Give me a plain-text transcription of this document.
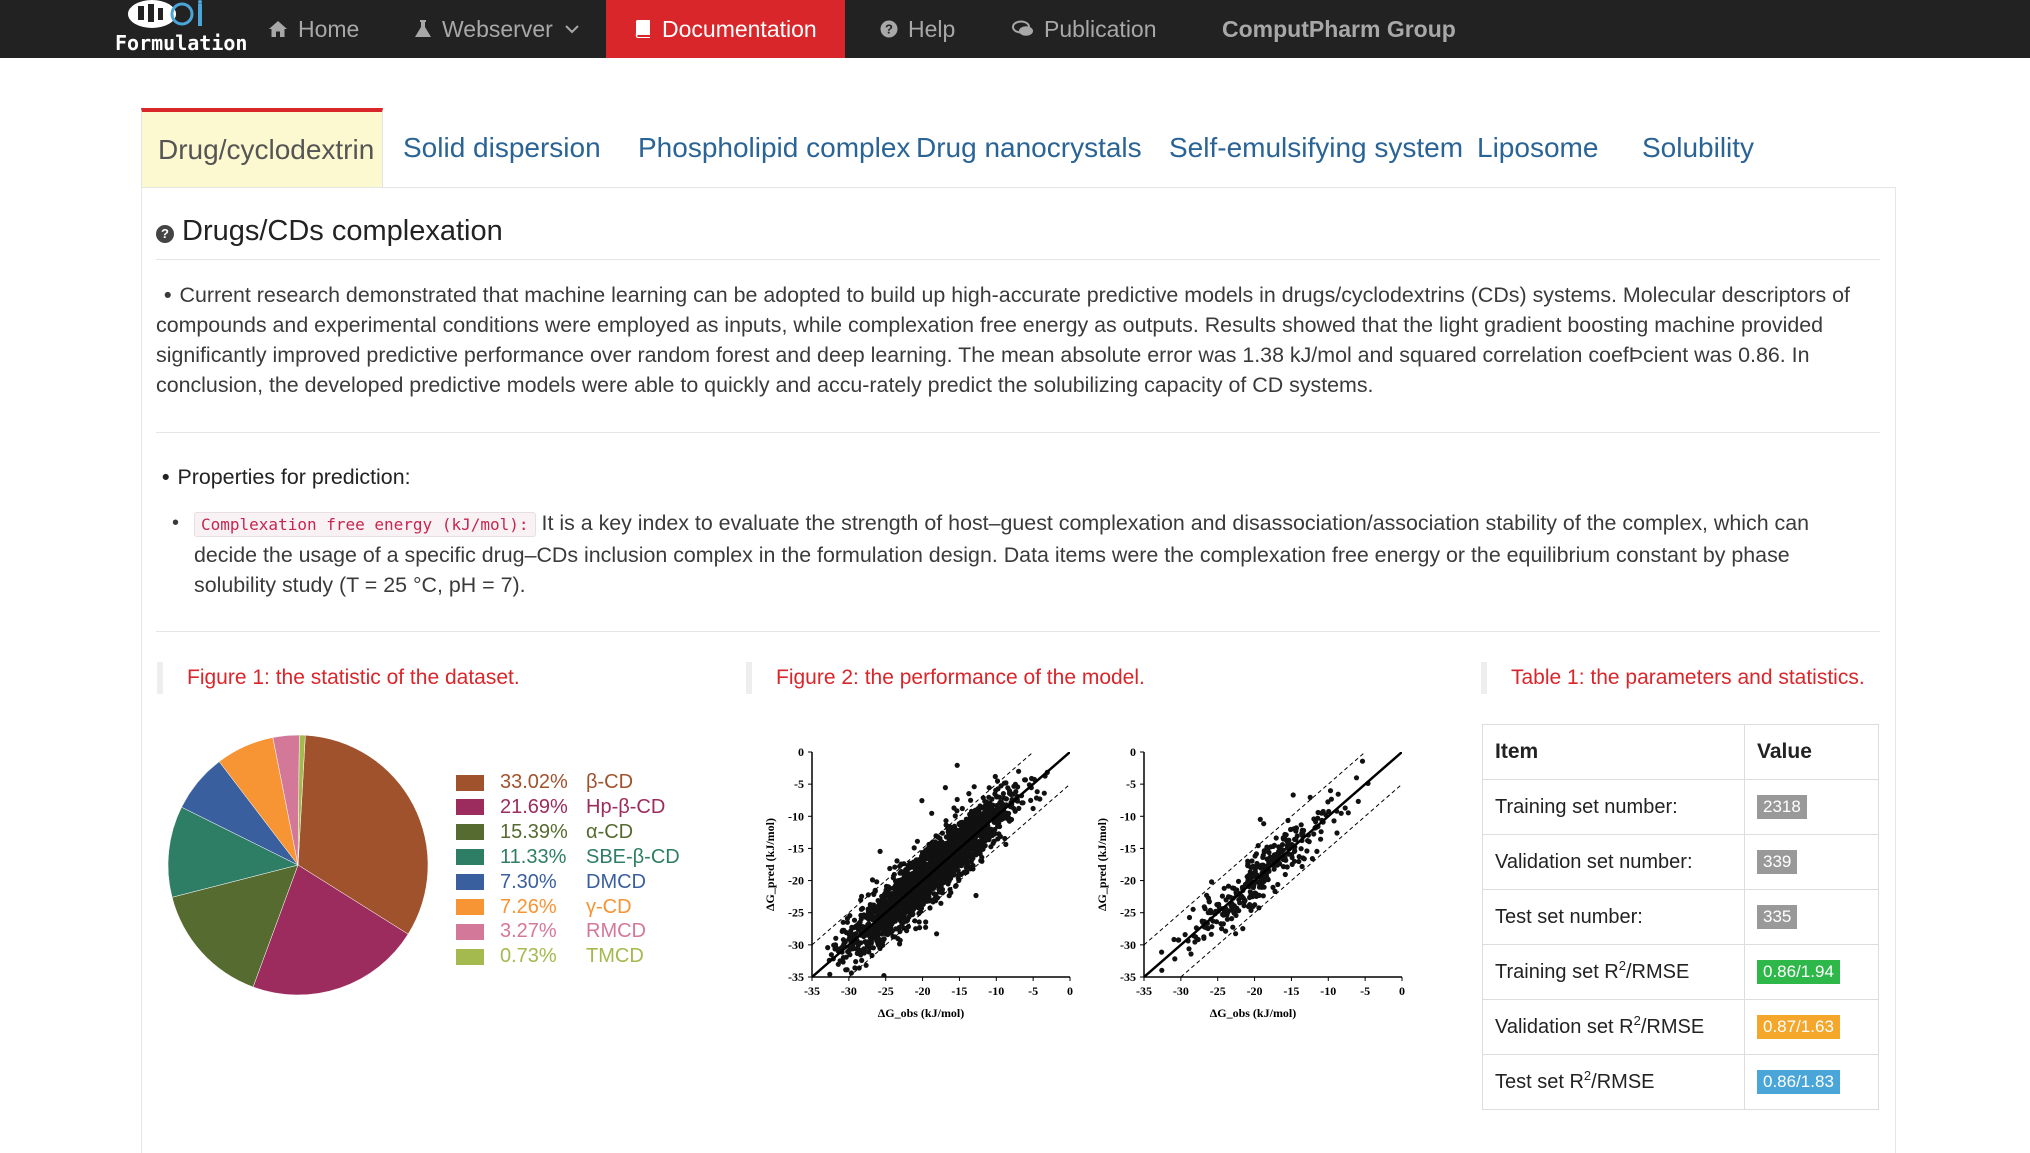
Formulation
Home	Webserver	Documentation	? Help	Publication	ComputPharm Group
Drug/cyclodextrin Solid dispersion Phospholipid complex Drug nanocrystals Self-emulsifying system Liposome Solubility
? Drugs/CDs complexation
• Current research demonstrated that machine learning can be adopted to build up high-accurate predictive models in drugs/cyclodextrins (CDs) systems. Molecular descriptors of
compounds and experimental conditions were employed as inputs, while complexation free energy as outputs. Results showed that the light gradient boosting machine provided
significantly improved predictive performance over random forest and deep learning. The mean absolute error was 1.38 kJ/mol and squared correlation coefÞcient was 0.86. In
conclusion, the developed predictive models were able to quickly and accu-rately predict the solubilizing capacity of CD systems.
• Properties for prediction:
•	Complexation free energy (kJ/mol): It is a key index to evaluate the strength of host–guest complexation and disassociation/association stability of the complex, which can
decide the usage of a specific drug–CDs inclusion complex in the formulation design. Data items were the complexation free energy or the equilibrium constant by phase
solubility study (T = 25 °C, pH = 7).
Figure 1: the statistic of the dataset.	Figure 2: the performance of the model.	Table 1: the parameters and statistics.
33.02% β-CD
21.69% Hp-β-CD
15.39% α-CD
11.33% SBE-β-CD
7.30%	DMCD
7.26%	γ-CD
3.27%	RMCD
0.73%	TMCD
-35 -30 -25 -20 -15 -10 -5 0
0
-5
-10
-15
-20
-25
-30
-35
ΔG_obs (kJ/mol)
ΔG_pred (kJ/mol)
-35 -30 -25 -20 -15 -10 -5 0
0
-5
-10
-15
-20
-25
-30
-35
ΔG_obs (kJ/mol)
ΔG_pred (kJ/mol)
Item	Value
Training set number:	2318
Validation set number:	339
Test set number:	335
Training set $R^2$/RMSE	0.86/1.94
Validation set $R^2$/RMSE	0.87/1.63
Test set $R^2$/RMSE	0.86/1.83
